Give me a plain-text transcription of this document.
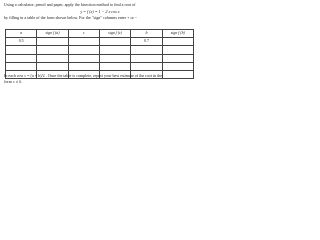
Using a calculator, pencil and paper, apply the bisection method to find a root of
y = f (x) = 1 − 2 x cos x
by filling in a table of the form shown below. For the "sign" columns enter + or −
a	sign f (a)	c	sign f (c)	b	sign f (b)
0.5				0.7	

In each row c = (a + b)/2 . Once the table is complete, report your best estimate of the root in the
form c ± δ.
